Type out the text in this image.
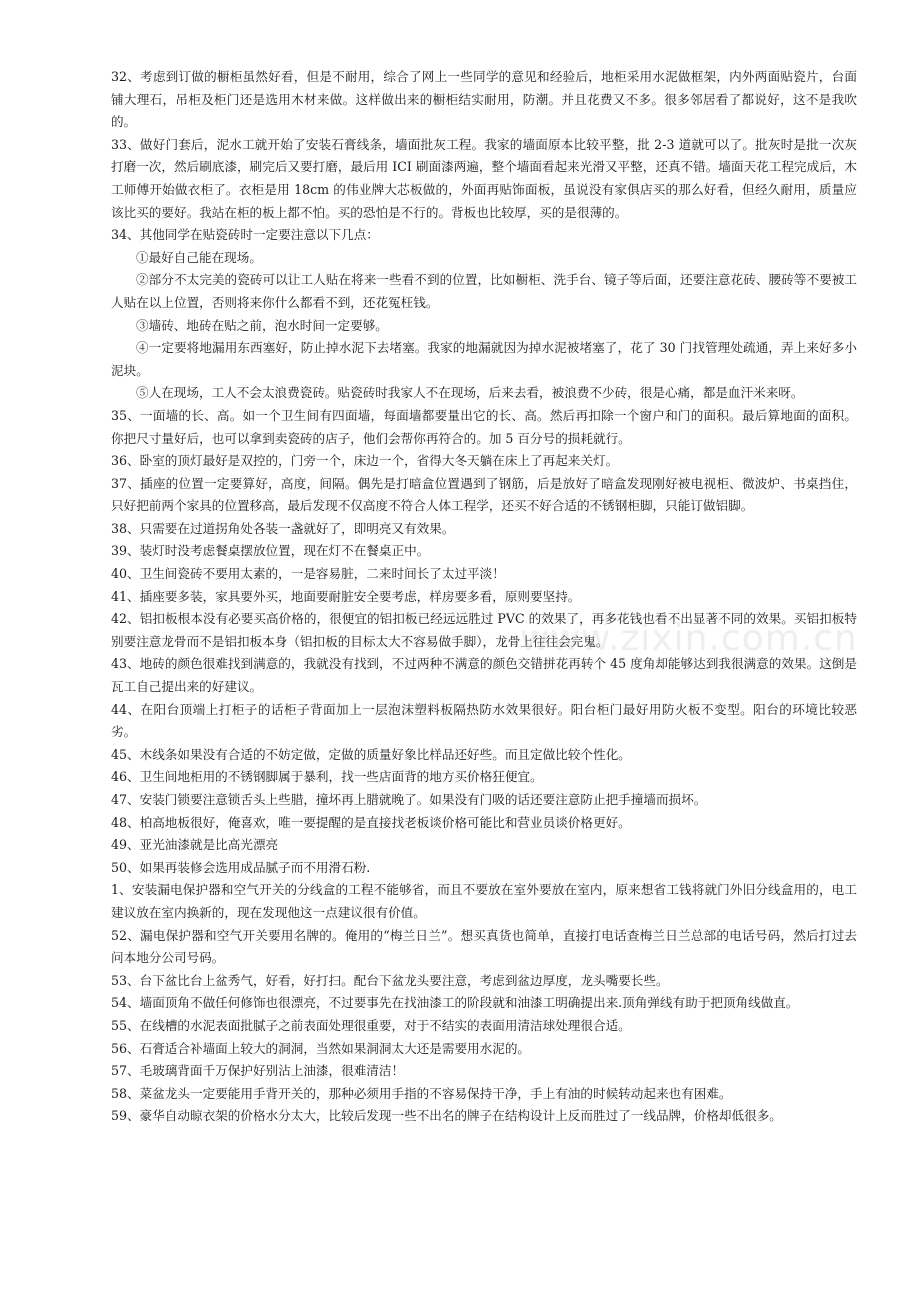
32、考虑到订做的橱柜虽然好看，但是不耐用，综合了网上一些同学的意见和经验后，地柜采用水泥做框架，内外两面贴瓷片，台面铺大理石，吊柜及柜门还是选用木材来做。这样做出来的橱柜结实耐用，防潮。并且花费又不多。很多邻居看了都说好，这不是我吹的。

33、做好门套后，泥水工就开始了安装石膏线条，墙面批灰工程。我家的墙面原本比较平整，批 2-3 道就可以了。批灰时是批一次灰打磨一次，然后刷底漆，刷完后又要打磨，最后用 ICI 刷面漆两遍，整个墙面看起来光滑又平整，还真不错。墙面天花工程完成后，木工师傅开始做衣柜了。衣柜是用 18cm 的伟业牌大芯板做的，外面再贴饰面板，虽说没有家俱店买的那么好看，但经久耐用，质量应该比买的要好。我站在柜的板上都不怕。买的恐怕是不行的。背板也比较厚，买的是很薄的。

34、其他同学在贴瓷砖时一定要注意以下几点：

①最好自己能在现场。

②部分不太完美的瓷砖可以让工人贴在将来一些看不到的位置，比如橱柜、洗手台、镜子等后面，还要注意花砖、腰砖等不要被工人贴在以上位置，否则将来你什么都看不到，还花冤枉钱。

③墙砖、地砖在贴之前，泡水时间一定要够。

④一定要将地漏用东西塞好，防止掉水泥下去堵塞。我家的地漏就因为掉水泥被堵塞了，花了 30 门找管理处疏通，弄上来好多小泥块。

⑤人在现场，工人不会太浪费瓷砖。贴瓷砖时我家人不在现场，后来去看，被浪费不少砖，很是心痛，都是血汗米来呀。

35、一面墙的长、高。如一个卫生间有四面墙，每面墙都要量出它的长、高。然后再扣除一个窗户和门的面积。最后算地面的面积。你把尺寸量好后，也可以拿到卖瓷砖的店子，他们会帮你再符合的。加 5 百分号的损耗就行。

36、卧室的顶灯最好是双控的，门旁一个，床边一个，省得大冬天躺在床上了再起来关灯。

37、插座的位置一定要算好，高度，间隔。偶先是打暗盒位置遇到了钢筋，后是放好了暗盒发现刚好被电视柜、微波炉、书桌挡住，只好把前两个家具的位置移高，最后发现不仅高度不符合人体工程学，还买不好合适的不锈钢柜脚，只能订做铝脚。

38、只需要在过道拐角处各装一盏就好了，即明亮又有效果。

39、装灯时没考虑餐桌摆放位置，现在灯不在餐桌正中。

40、卫生间瓷砖不要用太素的，一是容易脏，二来时间长了太过平淡！

41、插座要多装，家具要外买，地面要耐脏安全要考虑，样房要多看，原则要坚持。

42、铝扣板根本没有必要买高价格的，很便宜的铝扣板已经远远胜过 PVC 的效果了，再多花钱也看不出显著不同的效果。买铝扣板特别要注意龙骨而不是铝扣板本身（铝扣板的目标太大不容易做手脚），龙骨上往往会完鬼。

43、地砖的颜色很难找到满意的，我就没有找到，不过两种不满意的颜色交错拼花再转个 45 度角却能够达到我很满意的效果。这倒是瓦工自己提出来的好建议。

44、在阳台顶端上打柜子的话柜子背面加上一层泡沫塑料板隔热防水效果很好。阳台柜门最好用防火板不变型。阳台的环境比较恶劣。

45、木线条如果没有合适的不妨定做，定做的质量好象比样品还好些。而且定做比较个性化。

46、卫生间地柜用的不锈钢脚属于暴利，找一些店面背的地方买价格狂便宜。

47、安装门锁要注意锁舌头上些腊，撞坏再上腊就晚了。如果没有门吸的话还要注意防止把手撞墙而损坏。

48、柏高地板很好，俺喜欢，唯一要提醒的是直接找老板谈价格可能比和营业员谈价格更好。

49、亚光油漆就是比高光漂亮

50、如果再装修会选用成品腻子而不用滑石粉.

1、安装漏电保护器和空气开关的分线盒的工程不能够省，而且不要放在室外要放在室内，原来想省工钱将就门外旧分线盒用的，电工建议放在室内换新的，现在发现他这一点建议很有价值。

52、漏电保护器和空气开关要用名牌的。俺用的“梅兰日兰”。想买真货也简单，直接打电话查梅兰日兰总部的电话号码，然后打过去问本地分公司号码。

53、台下盆比台上盆秀气，好看，好打扫。配台下盆龙头要注意，考虑到盆边厚度，龙头嘴要长些。

54、墙面顶角不做任何修饰也很漂亮，不过要事先在找油漆工的阶段就和油漆工明确提出来.顶角弹线有助于把顶角线做直。

55、在线槽的水泥表面批腻子之前表面处理很重要，对于不结实的表面用清洁球处理很合适。

56、石膏适合补墙面上较大的洞洞，当然如果洞洞太大还是需要用水泥的。

57、毛玻璃背面千万保护好别沾上油漆，很难清洁！

58、菜盆龙头一定要能用手背开关的，那种必须用手指的不容易保持干净，手上有油的时候转动起来也有困难。

59、豪华自动晾衣架的价格水分太大，比较后发现一些不出名的牌子在结构设计上反而胜过了一线品牌，价格却低很多。

www.zixin.com.cn
